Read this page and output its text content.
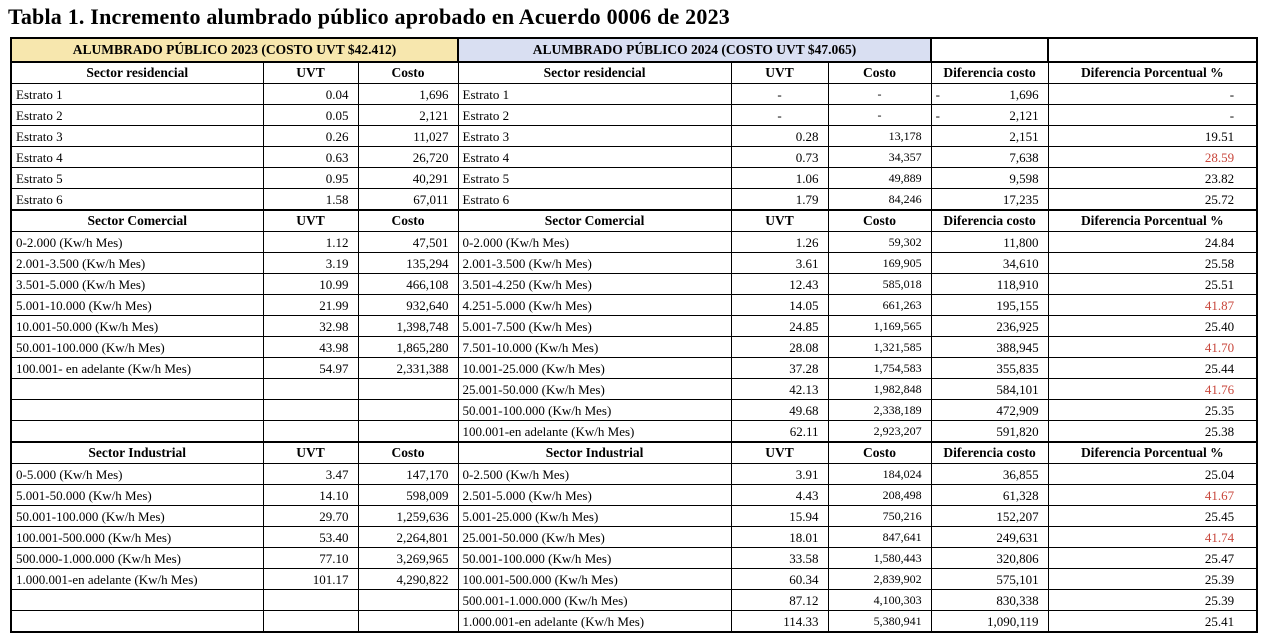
Tabla 1. Incremento alumbrado público aprobado en Acuerdo 0006 de 2023
ALUMBRADO PÚBLICO 2023 (COSTO UVT $42.412)			ALUMBRADO PÚBLICO 2024 (COSTO UVT $47.065)				
Sector residencial	UVT	Costo	Sector residencial	UVT	Costo	Diferencia costo	Diferencia Porcentual %
Estrato 1	0.04	1,696	Estrato 1	-	-	- 1,696	-
Estrato 2	0.05	2,121	Estrato 2	-	-	- 2,121	-
Estrato 3	0.26	11,027	Estrato 3	0.28	13,178	2,151	19.51
Estrato 4	0.63	26,720	Estrato 4	0.73	34,357	7,638	28.59
Estrato 5	0.95	40,291	Estrato 5	1.06	49,889	9,598	23.82
Estrato 6	1.58	67,011	Estrato 6	1.79	84,246	17,235	25.72
Sector Comercial	UVT	Costo	Sector Comercial	UVT	Costo	Diferencia costo	Diferencia Porcentual %
0-2.000 (Kw/h Mes)	1.12	47,501	0-2.000 (Kw/h Mes)	1.26	59,302	11,800	24.84
2.001-3.500 (Kw/h Mes)	3.19	135,294	2.001-3.500 (Kw/h Mes)	3.61	169,905	34,610	25.58
3.501-5.000 (Kw/h Mes)	10.99	466,108	3.501-4.250 (Kw/h Mes)	12.43	585,018	118,910	25.51
5.001-10.000 (Kw/h Mes)	21.99	932,640	4.251-5.000 (Kw/h Mes)	14.05	661,263	195,155	41.87
10.001-50.000 (Kw/h Mes)	32.98	1,398,748	5.001-7.500 (Kw/h Mes)	24.85	1,169,565	236,925	25.40
50.001-100.000 (Kw/h Mes)	43.98	1,865,280	7.501-10.000 (Kw/h Mes)	28.08	1,321,585	388,945	41.70
100.001- en adelante (Kw/h Mes)	54.97	2,331,388	10.001-25.000 (Kw/h Mes)	37.28	1,754,583	355,835	25.44
			25.001-50.000 (Kw/h Mes)	42.13	1,982,848	584,101	41.76
			50.001-100.000 (Kw/h Mes)	49.68	2,338,189	472,909	25.35
			100.001-en adelante (Kw/h Mes)	62.11	2,923,207	591,820	25.38
Sector Industrial	UVT	Costo	Sector Industrial	UVT	Costo	Diferencia costo	Diferencia Porcentual %
0-5.000 (Kw/h Mes)	3.47	147,170	0-2.500 (Kw/h Mes)	3.91	184,024	36,855	25.04
5.001-50.000 (Kw/h Mes)	14.10	598,009	2.501-5.000 (Kw/h Mes)	4.43	208,498	61,328	41.67
50.001-100.000 (Kw/h Mes)	29.70	1,259,636	5.001-25.000 (Kw/h Mes)	15.94	750,216	152,207	25.45
100.001-500.000 (Kw/h Mes)	53.40	2,264,801	25.001-50.000 (Kw/h Mes)	18.01	847,641	249,631	41.74
500.000-1.000.000 (Kw/h Mes)	77.10	3,269,965	50.001-100.000 (Kw/h Mes)	33.58	1,580,443	320,806	25.47
1.000.001-en adelante (Kw/h Mes)	101.17	4,290,822	100.001-500.000 (Kw/h Mes)	60.34	2,839,902	575,101	25.39
			500.001-1.000.000 (Kw/h Mes)	87.12	4,100,303	830,338	25.39
			1.000.001-en adelante (Kw/h Mes)	114.33	5,380,941	1,090,119	25.41
